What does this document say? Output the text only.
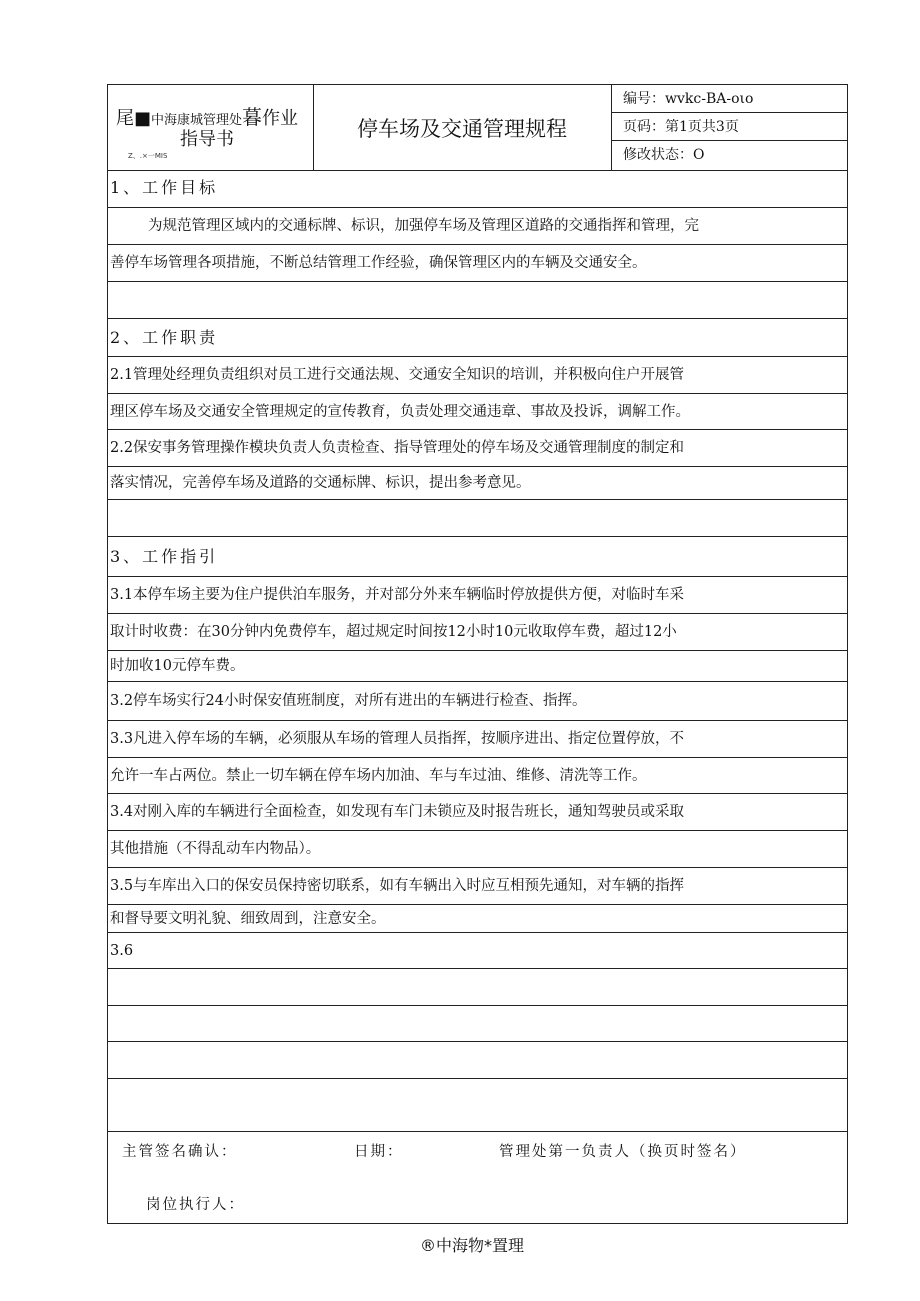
尾■中海康城管理处暮作业
指导书
Z、.×一MIS
停车场及交通管理规程
编号：wvkc-BA-oιo
页码：第1页共3页
修改状态：O
1、工作目标
为规范管理区域内的交通标牌、标识，加强停车场及管理区道路的交通指挥和管理，完
善停车场管理各项措施，不断总结管理工作经验，确保管理区内的车辆及交通安全。
2、工作职责
2.1管理处经理负责组织对员工进行交通法规、交通安全知识的培训，并积极向住户开展管
理区停车场及交通安全管理规定的宣传教育，负责处理交通违章、事故及投诉，调解工作。
2.2保安事务管理操作模块负责人负责检查、指导管理处的停车场及交通管理制度的制定和
落实情况，完善停车场及道路的交通标牌、标识，提出参考意见。
3、工作指引
3.1本停车场主要为住户提供泊车服务，并对部分外来车辆临时停放提供方便，对临时车采
取计时收费：在30分钟内免费停车，超过规定时间按12小时10元收取停车费，超过12小
时加收10元停车费。
3.2停车场实行24小时保安值班制度，对所有进出的车辆进行检查、指挥。
3.3凡进入停车场的车辆，必须服从车场的管理人员指挥，按顺序进出、指定位置停放，不
允许一车占两位。禁止一切车辆在停车场内加油、车与车过油、维修、清洗等工作。
3.4对刚入库的车辆进行全面检查，如发现有车门未锁应及时报告班长，通知驾驶员或采取
其他措施（不得乱动车内物品）。
3.5与车库出入口的保安员保持密切联系，如有车辆出入时应互相预先通知，对车辆的指挥
和督导要文明礼貌、细致周到，注意安全。
3.6
主管签名确认：	日期：	管理处第一负责人（换页时签名）
岗位执行人：
®中海物*置理
